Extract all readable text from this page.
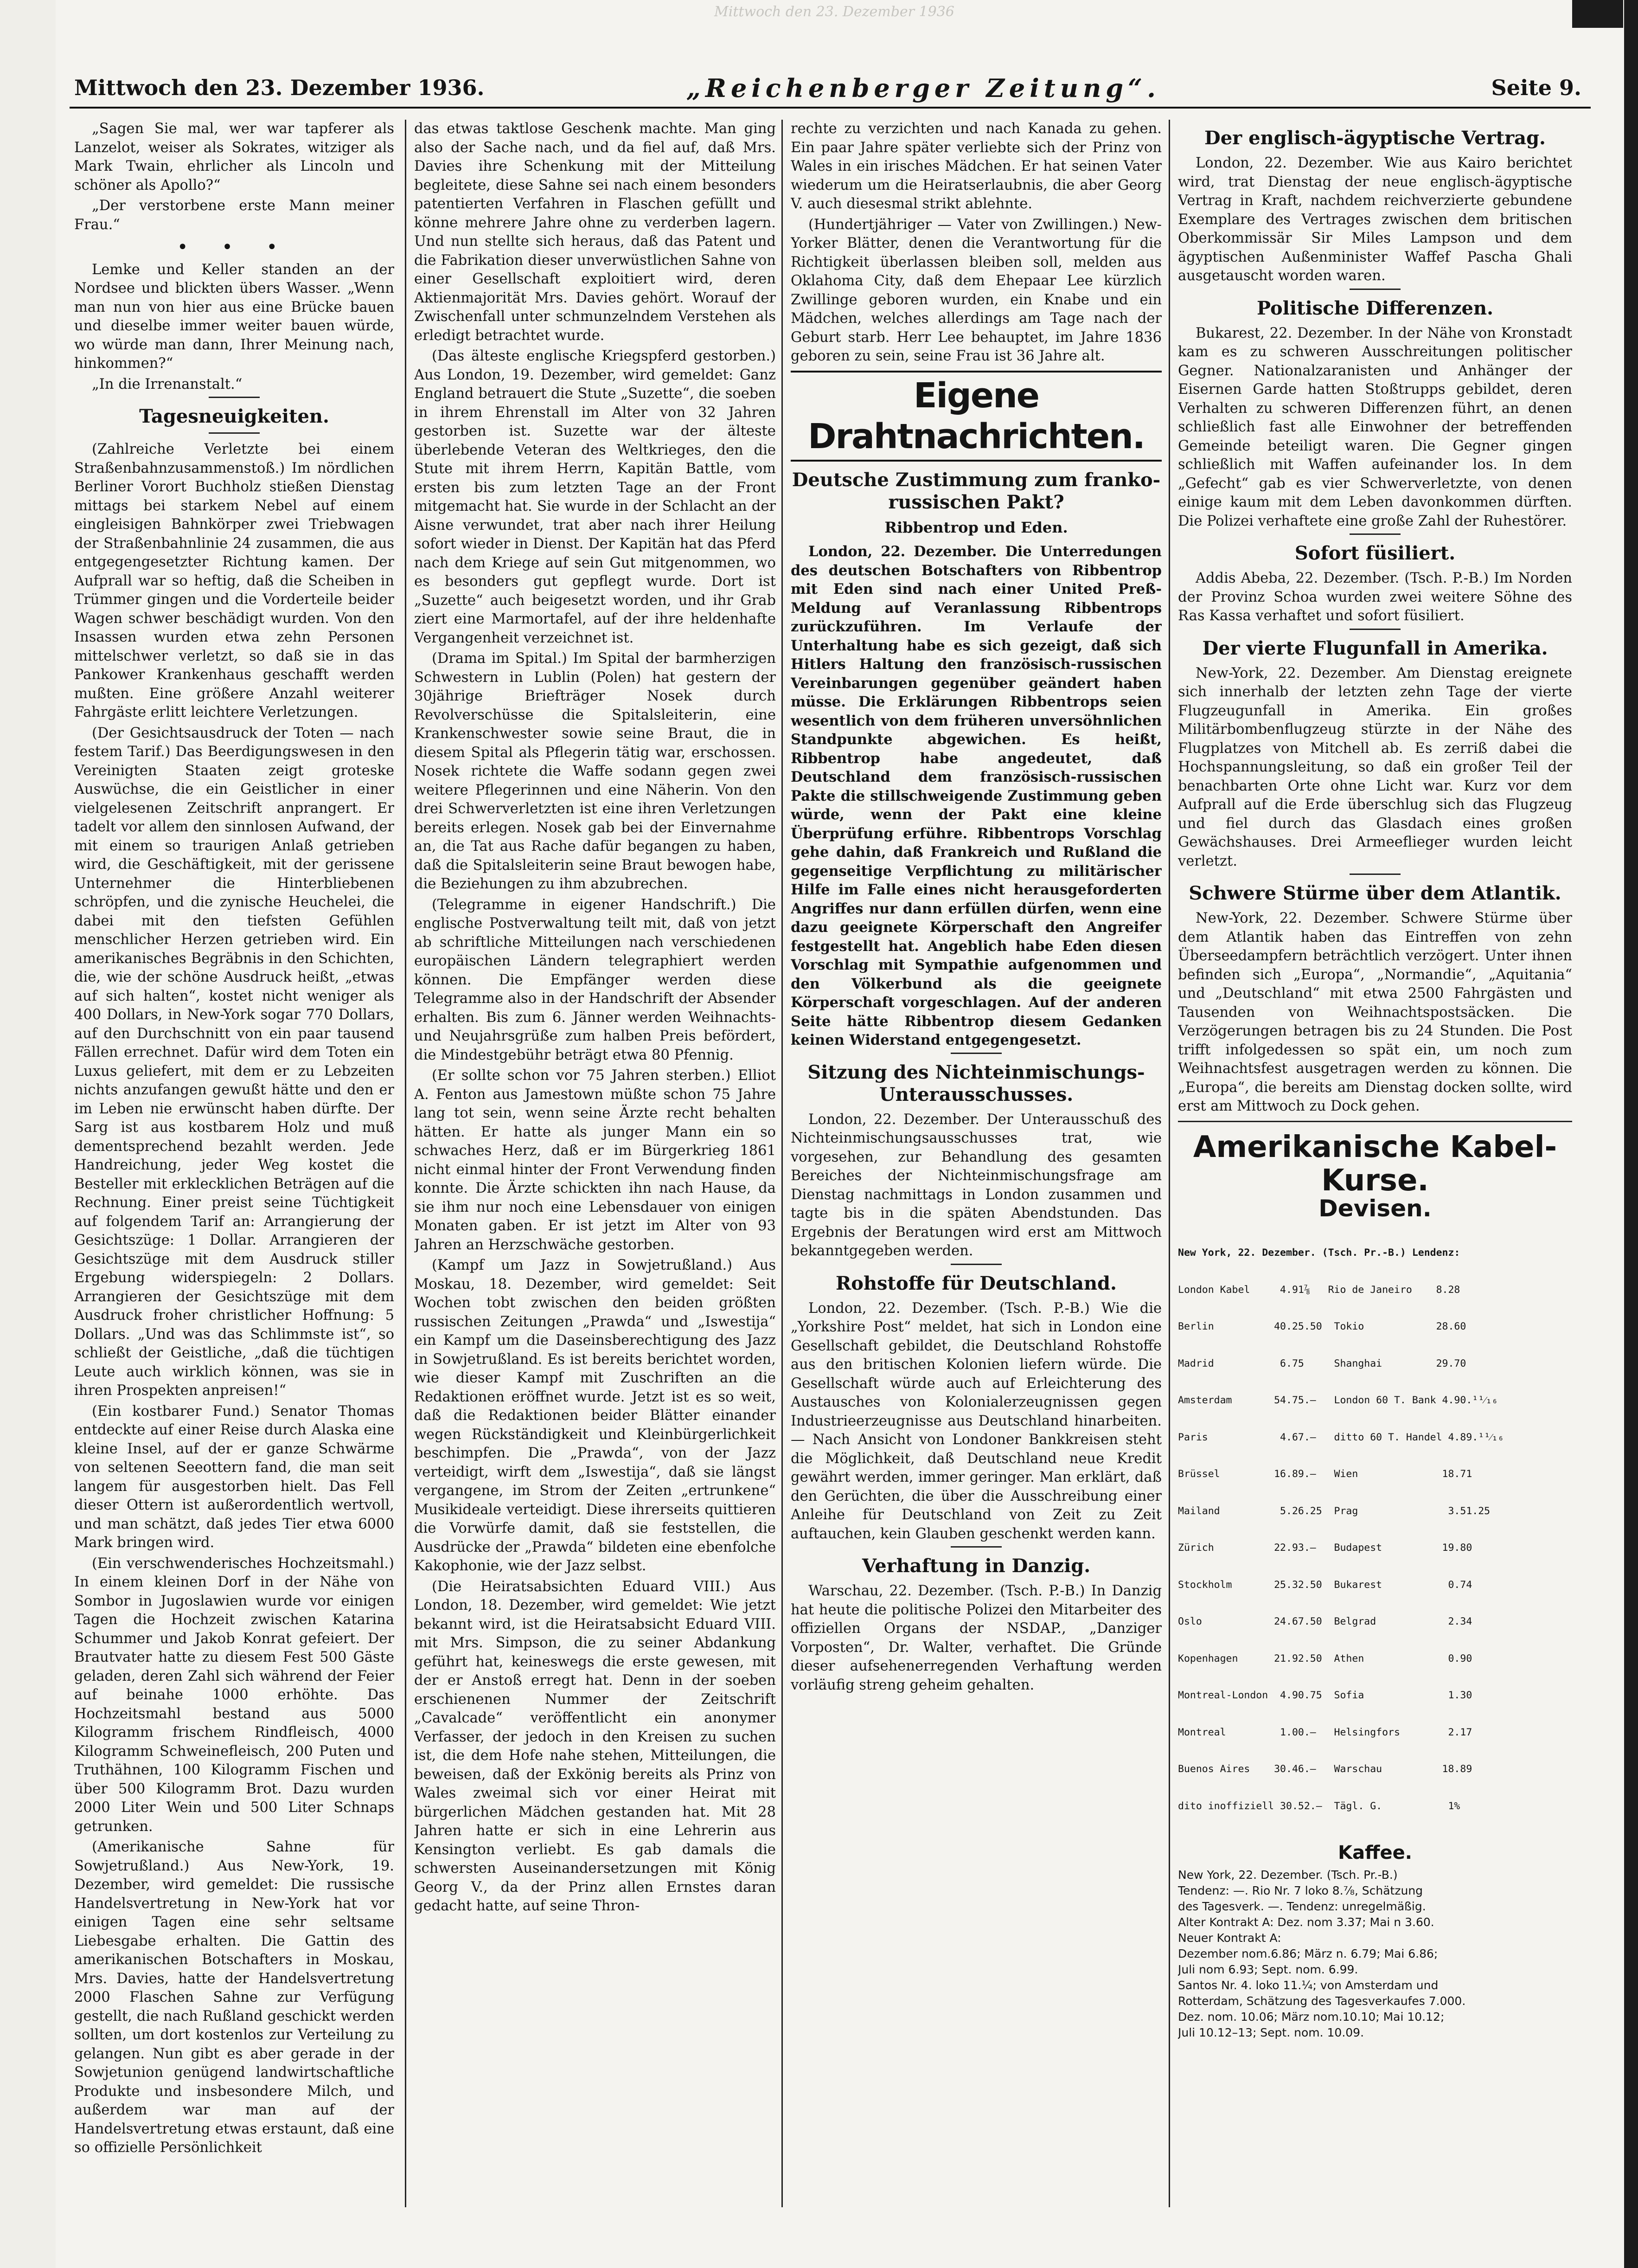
Mittwoch den 23. Dezember 1936
Mittwoch den 23. Dezember 1936.	„Reichenberger Zeitung“.	Seite 9.

„Sagen Sie mal, wer war tapferer als Lanzelot, weiser als Sokrates, witziger als Mark Twain, ehrlicher als Lincoln und schöner als Apollo?“

„Der verstorbene erste Mann meiner Frau.“

• • •

Lemke und Keller standen an der Nordsee und blickten übers Wasser. „Wenn man nun von hier aus eine Brücke bauen und dieselbe immer weiter bauen würde, wo würde man dann, Ihrer Meinung nach, hinkommen?“

„In die Irrenanstalt.“

Tagesneuigkeiten.

(Zahlreiche Verletzte bei einem Straßenbahnzusammenstoß.) Im nördlichen Berliner Vorort Buchholz stießen Dienstag mittags bei starkem Nebel auf einem eingleisigen Bahnkörper zwei Triebwagen der Straßenbahnlinie 24 zusammen, die aus entgegengesetzter Richtung kamen. Der Aufprall war so heftig, daß die Scheiben in Trümmer gingen und die Vorderteile beider Wagen schwer beschädigt wurden. Von den Insassen wurden etwa zehn Personen mittelschwer verletzt, so daß sie in das Pankower Krankenhaus geschafft werden mußten. Eine größere Anzahl weiterer Fahrgäste erlitt leichtere Verletzungen.

(Der Gesichtsausdruck der Toten — nach festem Tarif.) Das Beerdigungswesen in den Vereinigten Staaten zeigt groteske Auswüchse, die ein Geistlicher in einer vielgelesenen Zeitschrift anprangert. Er tadelt vor allem den sinnlosen Aufwand, der mit einem so traurigen Anlaß getrieben wird, die Geschäftigkeit, mit der gerissene Unternehmer die Hinterbliebenen schröpfen, und die zynische Heuchelei, die dabei mit den tiefsten Gefühlen menschlicher Herzen getrieben wird. Ein amerikanisches Begräbnis in den Schichten, die, wie der schöne Ausdruck heißt, „etwas auf sich halten“, kostet nicht weniger als 400 Dollars, in New-York sogar 770 Dollars, auf den Durchschnitt von ein paar tausend Fällen errechnet. Dafür wird dem Toten ein Luxus geliefert, mit dem er zu Lebzeiten nichts anzufangen gewußt hätte und den er im Leben nie erwünscht haben dürfte. Der Sarg ist aus kostbarem Holz und muß dementsprechend bezahlt werden. Jede Handreichung, jeder Weg kostet die Besteller mit erklecklichen Beträgen auf die Rechnung. Einer preist seine Tüchtigkeit auf folgendem Tarif an: Arrangierung der Gesichtszüge: 1 Dollar. Arrangieren der Gesichtszüge mit dem Ausdruck stiller Ergebung widerspiegeln: 2 Dollars. Arrangieren der Gesichtszüge mit dem Ausdruck froher christlicher Hoffnung: 5 Dollars. „Und was das Schlimmste ist“, so schließt der Geistliche, „daß die tüchtigen Leute auch wirklich können, was sie in ihren Prospekten anpreisen!“

(Ein kostbarer Fund.) Senator Thomas entdeckte auf einer Reise durch Alaska eine kleine Insel, auf der er ganze Schwärme von seltenen Seeottern fand, die man seit langem für ausgestorben hielt. Das Fell dieser Ottern ist außerordentlich wertvoll, und man schätzt, daß jedes Tier etwa 6000 Mark bringen wird.

(Ein verschwenderisches Hochzeitsmahl.) In einem kleinen Dorf in der Nähe von Sombor in Jugoslawien wurde vor einigen Tagen die Hochzeit zwischen Katarina Schummer und Jakob Konrat gefeiert. Der Brautvater hatte zu diesem Fest 500 Gäste geladen, deren Zahl sich während der Feier auf beinahe 1000 erhöhte. Das Hochzeitsmahl bestand aus 5000 Kilogramm frischem Rindfleisch, 4000 Kilogramm Schweinefleisch, 200 Puten und Truthähnen, 100 Kilogramm Fischen und über 500 Kilogramm Brot. Dazu wurden 2000 Liter Wein und 500 Liter Schnaps getrunken.

(Amerikanische Sahne für Sowjetrußland.) Aus New-York, 19. Dezember, wird gemeldet: Die russische Handelsvertretung in New-York hat vor einigen Tagen eine sehr seltsame Liebesgabe erhalten. Die Gattin des amerikanischen Botschafters in Moskau, Mrs. Davies, hatte der Handelsvertretung 2000 Flaschen Sahne zur Verfügung gestellt, die nach Rußland geschickt werden sollten, um dort kostenlos zur Verteilung zu gelangen. Nun gibt es aber gerade in der Sowjetunion genügend landwirtschaftliche Produkte und insbesondere Milch, und außerdem war man auf der Handelsvertretung etwas erstaunt, daß eine so offizielle Persönlichkeit

das etwas taktlose Geschenk machte. Man ging also der Sache nach, und da fiel auf, daß Mrs. Davies ihre Schenkung mit der Mitteilung begleitete, diese Sahne sei nach einem besonders patentierten Verfahren in Flaschen gefüllt und könne mehrere Jahre ohne zu verderben lagern. Und nun stellte sich heraus, daß das Patent und die Fabrikation dieser unverwüstlichen Sahne von einer Gesellschaft exploitiert wird, deren Aktienmajorität Mrs. Davies gehört. Worauf der Zwischenfall unter schmunzelndem Verstehen als erledigt betrachtet wurde.

(Das älteste englische Kriegspferd gestorben.) Aus London, 19. Dezember, wird gemeldet: Ganz England betrauert die Stute „Suzette“, die soeben in ihrem Ehrenstall im Alter von 32 Jahren gestorben ist. Suzette war der älteste überlebende Veteran des Weltkrieges, den die Stute mit ihrem Herrn, Kapitän Battle, vom ersten bis zum letzten Tage an der Front mitgemacht hat. Sie wurde in der Schlacht an der Aisne verwundet, trat aber nach ihrer Heilung sofort wieder in Dienst. Der Kapitän hat das Pferd nach dem Kriege auf sein Gut mitgenommen, wo es besonders gut gepflegt wurde. Dort ist „Suzette“ auch beigesetzt worden, und ihr Grab ziert eine Marmortafel, auf der ihre heldenhafte Vergangenheit verzeichnet ist.

(Drama im Spital.) Im Spital der barmherzigen Schwestern in Lublin (Polen) hat gestern der 30jährige Briefträger Nosek durch Revolverschüsse die Spitalsleiterin, eine Krankenschwester sowie seine Braut, die in diesem Spital als Pflegerin tätig war, erschossen. Nosek richtete die Waffe sodann gegen zwei weitere Pflegerinnen und eine Näherin. Von den drei Schwerverletzten ist eine ihren Verletzungen bereits erlegen. Nosek gab bei der Einvernahme an, die Tat aus Rache dafür begangen zu haben, daß die Spitalsleiterin seine Braut bewogen habe, die Beziehungen zu ihm abzubrechen.

(Telegramme in eigener Handschrift.) Die englische Postverwaltung teilt mit, daß von jetzt ab schriftliche Mitteilungen nach verschiedenen europäischen Ländern telegraphiert werden können. Die Empfänger werden diese Telegramme also in der Handschrift der Absender erhalten. Bis zum 6. Jänner werden Weihnachts- und Neujahrsgrüße zum halben Preis befördert, die Mindestgebühr beträgt etwa 80 Pfennig.

(Er sollte schon vor 75 Jahren sterben.) Elliot A. Fenton aus Jamestown müßte schon 75 Jahre lang tot sein, wenn seine Ärzte recht behalten hätten. Er hatte als junger Mann ein so schwaches Herz, daß er im Bürgerkrieg 1861 nicht einmal hinter der Front Verwendung finden konnte. Die Ärzte schickten ihn nach Hause, da sie ihm nur noch eine Lebensdauer von einigen Monaten gaben. Er ist jetzt im Alter von 93 Jahren an Herzschwäche gestorben.

(Kampf um Jazz in Sowjetrußland.) Aus Moskau, 18. Dezember, wird gemeldet: Seit Wochen tobt zwischen den beiden größten russischen Zeitungen „Prawda“ und „Iswestija“ ein Kampf um die Daseinsberechtigung des Jazz in Sowjetrußland. Es ist bereits berichtet worden, wie dieser Kampf mit Zuschriften an die Redaktionen eröffnet wurde. Jetzt ist es so weit, daß die Redaktionen beider Blätter einander wegen Rückständigkeit und Kleinbürgerlichkeit beschimpfen. Die „Prawda“, von der Jazz verteidigt, wirft dem „Iswestija“, daß sie längst vergangene, im Strom der Zeiten „ertrunkene“ Musikideale verteidigt. Diese ihrerseits quittieren die Vorwürfe damit, daß sie feststellen, die Ausdrücke der „Prawda“ bildeten eine ebenfolche Kakophonie, wie der Jazz selbst.

(Die Heiratsabsichten Eduard VIII.) Aus London, 18. Dezember, wird gemeldet: Wie jetzt bekannt wird, ist die Heiratsabsicht Eduard VIII. mit Mrs. Simpson, die zu seiner Abdankung geführt hat, keineswegs die erste gewesen, mit der er Anstoß erregt hat. Denn in der soeben erschienenen Nummer der Zeitschrift „Cavalcade“ veröffentlicht ein anonymer Verfasser, der jedoch in den Kreisen zu suchen ist, die dem Hofe nahe stehen, Mitteilungen, die beweisen, daß der Exkönig bereits als Prinz von Wales zweimal sich vor einer Heirat mit bürgerlichen Mädchen gestanden hat. Mit 28 Jahren hatte er sich in eine Lehrerin aus Kensington verliebt. Es gab damals die schwersten Auseinandersetzungen mit König Georg V., da der Prinz allen Ernstes daran gedacht hatte, auf seine Thron-

rechte zu verzichten und nach Kanada zu gehen. Ein paar Jahre später verliebte sich der Prinz von Wales in ein irisches Mädchen. Er hat seinen Vater wiederum um die Heiratserlaubnis, die aber Georg V. auch diesesmal strikt ablehnte.

(Hundertjähriger — Vater von Zwillingen.) New-Yorker Blätter, denen die Verantwortung für die Richtigkeit überlassen bleiben soll, melden aus Oklahoma City, daß dem Ehepaar Lee kürzlich Zwillinge geboren wurden, ein Knabe und ein Mädchen, welches allerdings am Tage nach der Geburt starb. Herr Lee behauptet, im Jahre 1836 geboren zu sein, seine Frau ist 36 Jahre alt.

Eigene Drahtnachrichten.
Deutsche Zustimmung zum franko-russischen Pakt?
Ribbentrop und Eden.

London, 22. Dezember. Die Unterredungen des deutschen Botschafters von Ribbentrop mit Eden sind nach einer United Preß-Meldung auf Veranlassung Ribbentrops zurückzuführen. Im Verlaufe der Unterhaltung habe es sich gezeigt, daß sich Hitlers Haltung den französisch-russischen Vereinbarungen gegenüber geändert haben müsse. Die Erklärungen Ribbentrops seien wesentlich von dem früheren unversöhnlichen Standpunkte abgewichen. Es heißt, Ribbentrop habe angedeutet, daß Deutschland dem französisch-russischen Pakte die stillschweigende Zustimmung geben würde, wenn der Pakt eine kleine Überprüfung erführe. Ribbentrops Vorschlag gehe dahin, daß Frankreich und Rußland die gegenseitige Verpflichtung zu militärischer Hilfe im Falle eines nicht herausgeforderten Angriffes nur dann erfüllen dürfen, wenn eine dazu geeignete Körperschaft den Angreifer festgestellt hat. Angeblich habe Eden diesen Vorschlag mit Sympathie aufgenommen und den Völkerbund als die geeignete Körperschaft vorgeschlagen. Auf der anderen Seite hätte Ribbentrop diesem Gedanken keinen Widerstand entgegengesetzt.

Sitzung des Nichteinmischungs-Unterausschusses.

London, 22. Dezember. Der Unterausschuß des Nichteinmischungsausschusses trat, wie vorgesehen, zur Behandlung des gesamten Bereiches der Nichteinmischungsfrage am Dienstag nachmittags in London zusammen und tagte bis in die späten Abendstunden. Das Ergebnis der Beratungen wird erst am Mittwoch bekanntgegeben werden.

Rohstoffe für Deutschland.

London, 22. Dezember. (Tsch. P.-B.) Wie die „Yorkshire Post“ meldet, hat sich in London eine Gesellschaft gebildet, die Deutschland Rohstoffe aus den britischen Kolonien liefern würde. Die Gesellschaft würde auch auf Erleichterung des Austausches von Kolonialerzeugnissen gegen Industrieerzeugnisse aus Deutschland hinarbeiten. — Nach Ansicht von Londoner Bankkreisen steht die Möglichkeit, daß Deutschland neue Kredit gewährt werden, immer geringer. Man erklärt, daß den Gerüchten, die über die Ausschreibung einer Anleihe für Deutschland von Zeit zu Zeit auftauchen, kein Glauben geschenkt werden kann.

Verhaftung in Danzig.

Warschau, 22. Dezember. (Tsch. P.-B.) In Danzig hat heute die politische Polizei den Mitarbeiter des offiziellen Organs der NSDAP., „Danziger Vorposten“, Dr. Walter, verhaftet. Die Gründe dieser aufsehenerregenden Verhaftung werden vorläufig streng geheim gehalten.

Der englisch-ägyptische Vertrag.

London, 22. Dezember. Wie aus Kairo berichtet wird, trat Dienstag der neue englisch-ägyptische Vertrag in Kraft, nachdem reichverzierte gebundene Exemplare des Vertrages zwischen dem britischen Oberkommissär Sir Miles Lampson und dem ägyptischen Außenminister Waffef Pascha Ghali ausgetauscht worden waren.

Politische Differenzen.

Bukarest, 22. Dezember. In der Nähe von Kronstadt kam es zu schweren Ausschreitungen politischer Gegner. Nationalzaranisten und Anhänger der Eisernen Garde hatten Stoßtrupps gebildet, deren Verhalten zu schweren Differenzen führt, an denen schließlich fast alle Einwohner der betreffenden Gemeinde beteiligt waren. Die Gegner gingen schließlich mit Waffen aufeinander los. In dem „Gefecht“ gab es vier Schwerverletzte, von denen einige kaum mit dem Leben davonkommen dürften. Die Polizei verhaftete eine große Zahl der Ruhestörer.

Sofort füsiliert.

Addis Abeba, 22. Dezember. (Tsch. P.-B.) Im Norden der Provinz Schoa wurden zwei weitere Söhne des Ras Kassa verhaftet und sofort füsiliert.

Der vierte Flugunfall in Amerika.

New-York, 22. Dezember. Am Dienstag ereignete sich innerhalb der letzten zehn Tage der vierte Flugzeugunfall in Amerika. Ein großes Militärbombenflugzeug stürzte in der Nähe des Flugplatzes von Mitchell ab. Es zerriß dabei die Hochspannungsleitung, so daß ein großer Teil der benachbarten Orte ohne Licht war. Kurz vor dem Aufprall auf die Erde überschlug sich das Flugzeug und fiel durch das Glasdach eines großen Gewächshauses. Drei Armeeflieger wurden leicht verletzt.

Schwere Stürme über dem Atlantik.

New-York, 22. Dezember. Schwere Stürme über dem Atlantik haben das Eintreffen von zehn Überseedampfern beträchtlich verzögert. Unter ihnen befinden sich „Europa“, „Normandie“, „Aquitania“ und „Deutschland“ mit etwa 2500 Fahrgästen und Tausenden von Weihnachtspostsäcken. Die Verzögerungen betragen bis zu 24 Stunden. Die Post trifft infolgedessen so spät ein, um noch zum Weihnachtsfest ausgetragen werden zu können. Die „Europa“, die bereits am Dienstag docken sollte, wird erst am Mittwoch zu Dock gehen.

Amerikanische Kabel-Kurse.
Devisen.

New York, 22. Dezember. (Tsch. Pr.-B.) Lendenz:

London Kabel     4.91⅞   Rio de Janeiro    8.28

Berlin          40.25.50  Tokio            28.60

Madrid           6.75     Shanghai         29.70

Amsterdam       54.75.—   London 60 T. Bank 4.90.¹¹⁄₁₆

Paris            4.67.—   ditto 60 T. Handel 4.89.¹¹⁄₁₆

Brüssel         16.89.—   Wien              18.71

Mailand          5.26.25  Prag               3.51.25

Zürich          22.93.—   Budapest          19.80

Stockholm       25.32.50  Bukarest           0.74

Oslo            24.67.50  Belgrad            2.34

Kopenhagen      21.92.50  Athen              0.90

Montreal-London  4.90.75  Sofia              1.30

Montreal         1.00.—   Helsingfors        2.17

Buenos Aires    30.46.—   Warschau          18.89

dito inoffiziell 30.52.—  Tägl. G.           1%

Kaffee.
New York, 22. Dezember. (Tsch. Pr.-B.)
Tendenz: —. Rio Nr. 7 loko 8.⅞, Schätzung
des Tagesverk. —. Tendenz: unregelmäßig.
Alter Kontrakt A: Dez. nom 3.37; Mai n 3.60.
Neuer Kontrakt A:
Dezember nom.6.86; März n. 6.79; Mai 6.86;
Juli nom 6.93; Sept. nom. 6.99.
Santos Nr. 4. loko 11.¼; von Amsterdam und
Rotterdam, Schätzung des Tagesverkaufes 7.000.
Dez. nom. 10.06; März nom.10.10; Mai 10.12;
Juli 10.12–13; Sept. nom. 10.09.
